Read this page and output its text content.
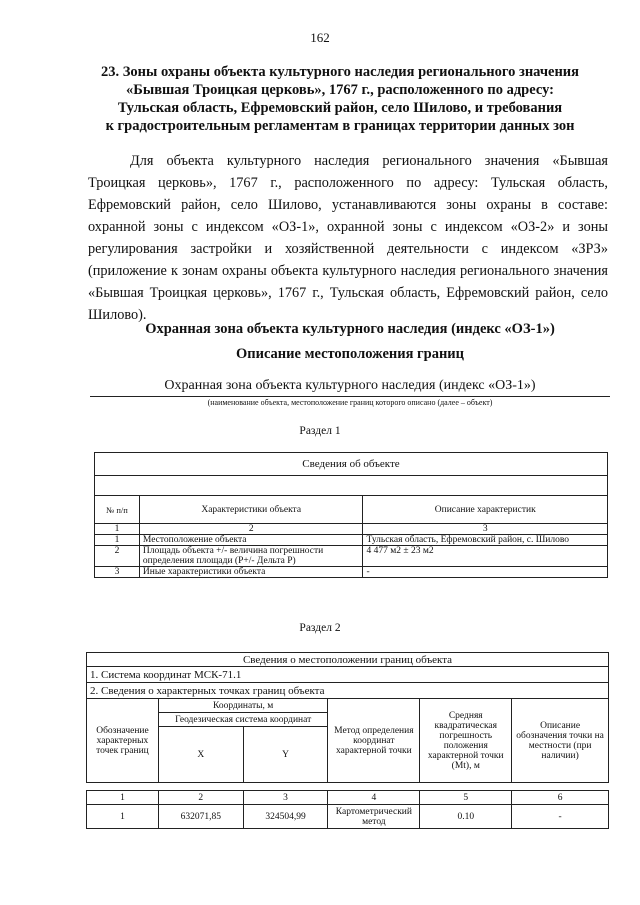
162
23. Зоны охраны объекта культурного наследия регионального значения
«Бывшая Троицкая церковь», 1767 г., расположенного по адресу:
Тульская область, Ефремовский район, село Шилово, и требования
к градостроительным регламентам в границах территории данных зон
Для объекта культурного наследия регионального значения «Бывшая Троицкая церковь», 1767 г., расположенного по адресу: Тульская область, Ефремовский район, село Шилово, устанавливаются зоны охраны в составе: охранной зоны с индексом «ОЗ-1», охранной зоны с индексом «ОЗ-2» и зоны регулирования застройки и хозяйственной деятельности с индексом «ЗРЗ» (приложение к зонам охраны объекта культурного наследия регионального значения «Бывшая Троицкая церковь», 1767 г., Тульская область, Ефремовский район, село Шилово).
Охранная зона объекта культурного наследия (индекс «ОЗ-1»)
Описание местоположения границ
Охранная зона объекта культурного наследия (индекс «ОЗ-1»)
(наименование объекта, местоположение границ которого описано (далее – объект)
Раздел 1
Сведения об объекте		

№ п/п	Характеристики объекта	Описание характеристик
1	2	3
1	Местоположение объекта	Тульская область, Ефремовский район, с. Шилово
2	Площадь объекта +/- величина погрешности определения площади (Р+/- Дельта Р)	4 477 м2 ± 23 м2
3	Иные характеристики объекта	-
Раздел 2
Сведения о местоположении границ объекта					
1. Система координат МСК-71.1					
2. Сведения о характерных точках границ объекта					
Обозначение характерных точек границ	Координаты, м		Метод определения координат характерной точки	Средняя квадратическая погрешность положения характерной точки (Mt), м	Описание обозначения точки на местности (при наличии)
	Геодезическая система координат				
	X	Y			

1	2	3	4	5	6
1	632071,85	324504,99	Картометрический метод	0.10	-
